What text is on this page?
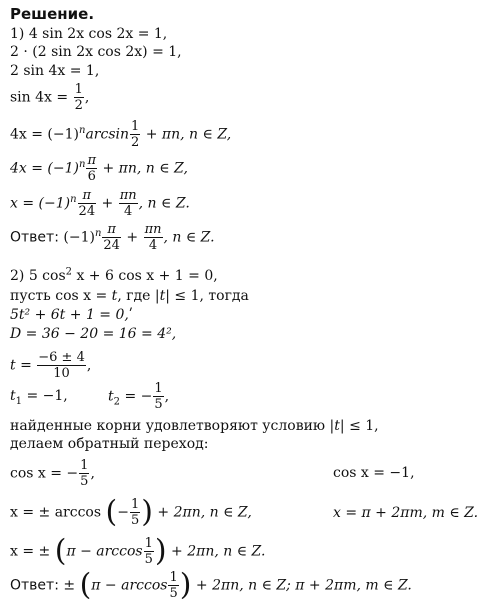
Решение.
1) 4 sin 2x cos 2x = 1,
2 · (2 sin 2x cos 2x) = 1,
2 sin 4x = 1,
$\sin 4x = \frac{1}{2}$ ,
$4x = (-1)^n\arcsin \frac{1}{2} + \pi n$, n ∈ Z,
$4x = (-1)^n \frac{\pi}{6} + \pi n$, n ∈ Z,
$x = (-1)^n \frac{\pi}{24} + \frac{\pi n}{4}$ , n ∈ Z.
Ответ: $(-1)^n \frac{\pi}{24} + \frac{\pi n}{4}$ , n ∈ Z.
2) 5 $\cos^2 x + 6$ cos x + 1 = 0,
пусть cos x = t, где |t| ≤ 1, тогда
5t² + 6t + 1 = 0,ʹ
D = 36 − 20 = 16 = 4²,
$t = \frac{-6 \pm 4}{10}$ ,
$t_1 = -1$,	$t_2$ = − $\frac{1}{5}$ ,
найденные корни удовлетворяют условию |t| ≤ 1,
делаем обратный переход:
cos x = − $\frac{1}{5}$ ,	cos x = −1,
x = ± arccos (− $\frac{1}{5}$ ) + 2πn, n ∈ Z,	x = π + 2πm, m ∈ Z.
x = ± ($\pi - \arccos \frac{1}{5}$ ) + 2πn, n ∈ Z.
Ответ: ± ($\pi - \arccos \frac{1}{5}$ ) + 2πn, n ∈ Z; π + 2πm, m ∈ Z.
